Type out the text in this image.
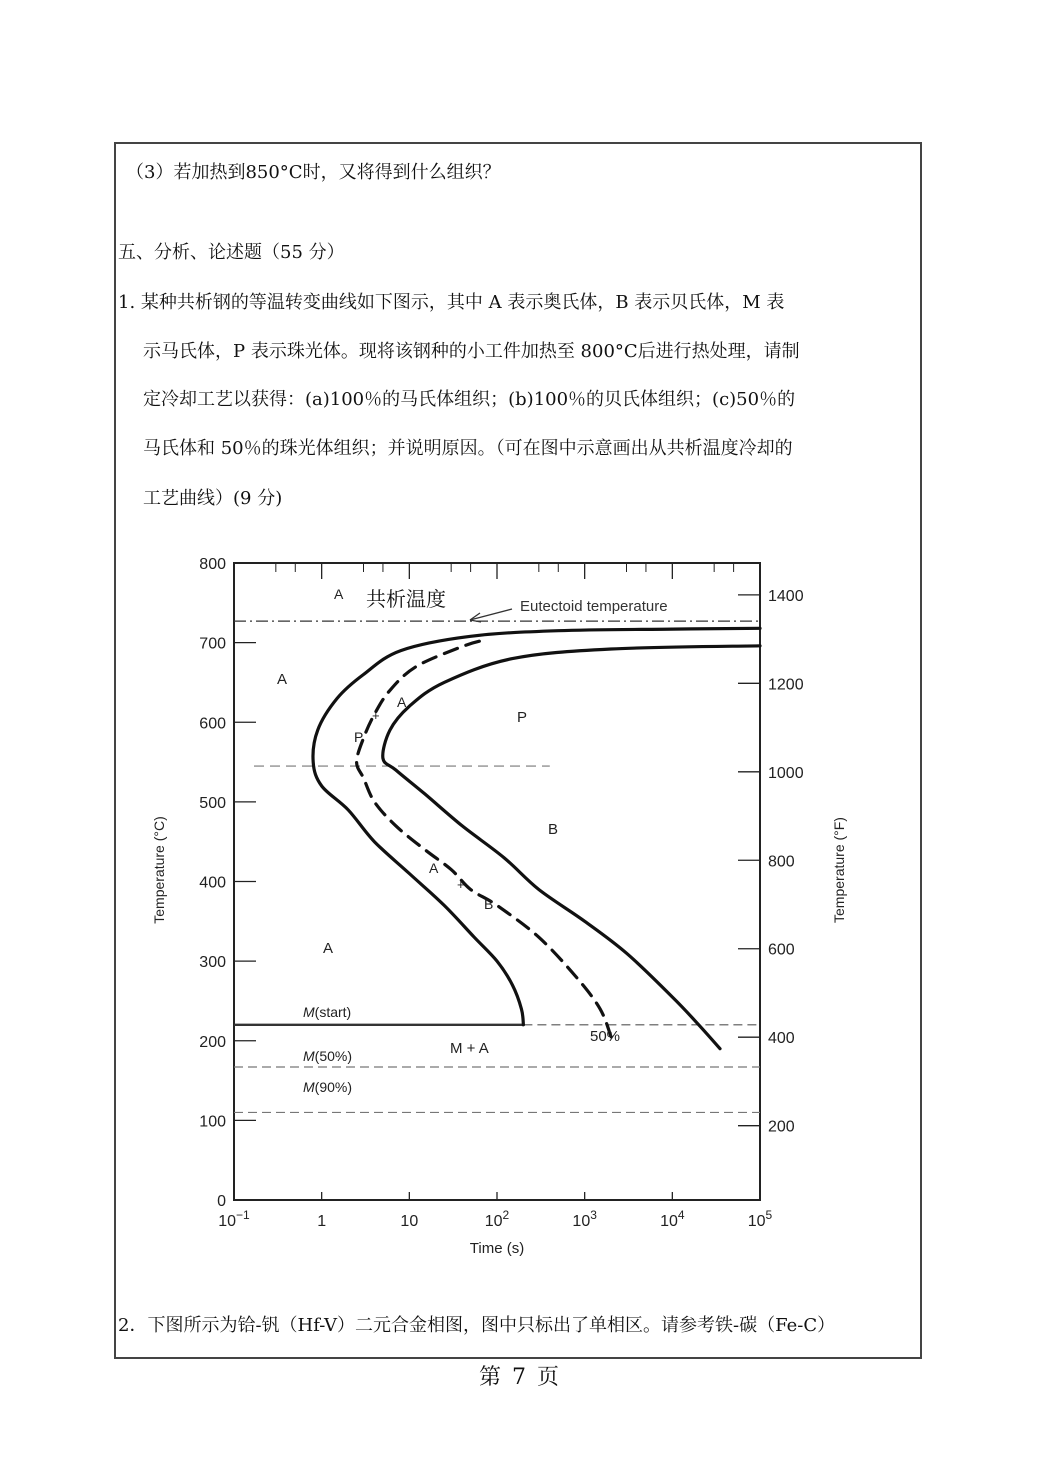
（3）若加热到850°C时，又将得到什么组织？
五、分析、论述题（55 分）
1. 某种共析钢的等温转变曲线如下图示，其中 A 表示奥氏体，B 表示贝氏体，M 表
示马氏体，P 表示珠光体。现将该钢种的小工件加热至 800°C后进行热处理，请制
定冷却工艺以获得：(a)100％的马氏体组织；(b)100％的贝氏体组织；(c)50％的
马氏体和 50％的珠光体组织；并说明原因。（可在图中示意画出从共析温度冷却的
工艺曲线）(9 分)
0
100
200
300
400
500
600
700
800
200
400
600
800
1000
1200
1400
$10^{-1}$	1	10	$10^2$	$10^3$	$10^4$	$10^5$
共析温度	Eutectoid temperature
M(start)
M(50%)
M(90%)
50%
A
A
P
A
B
A
B
A
M + A
P
+
+
Temperature (°C)	Temperature (°F)
Time (s)
2．下图所示为铪-钒（Hf-V）二元合金相图，图中只标出了单相区。请参考铁-碳（Fe-C）
第 7 页
